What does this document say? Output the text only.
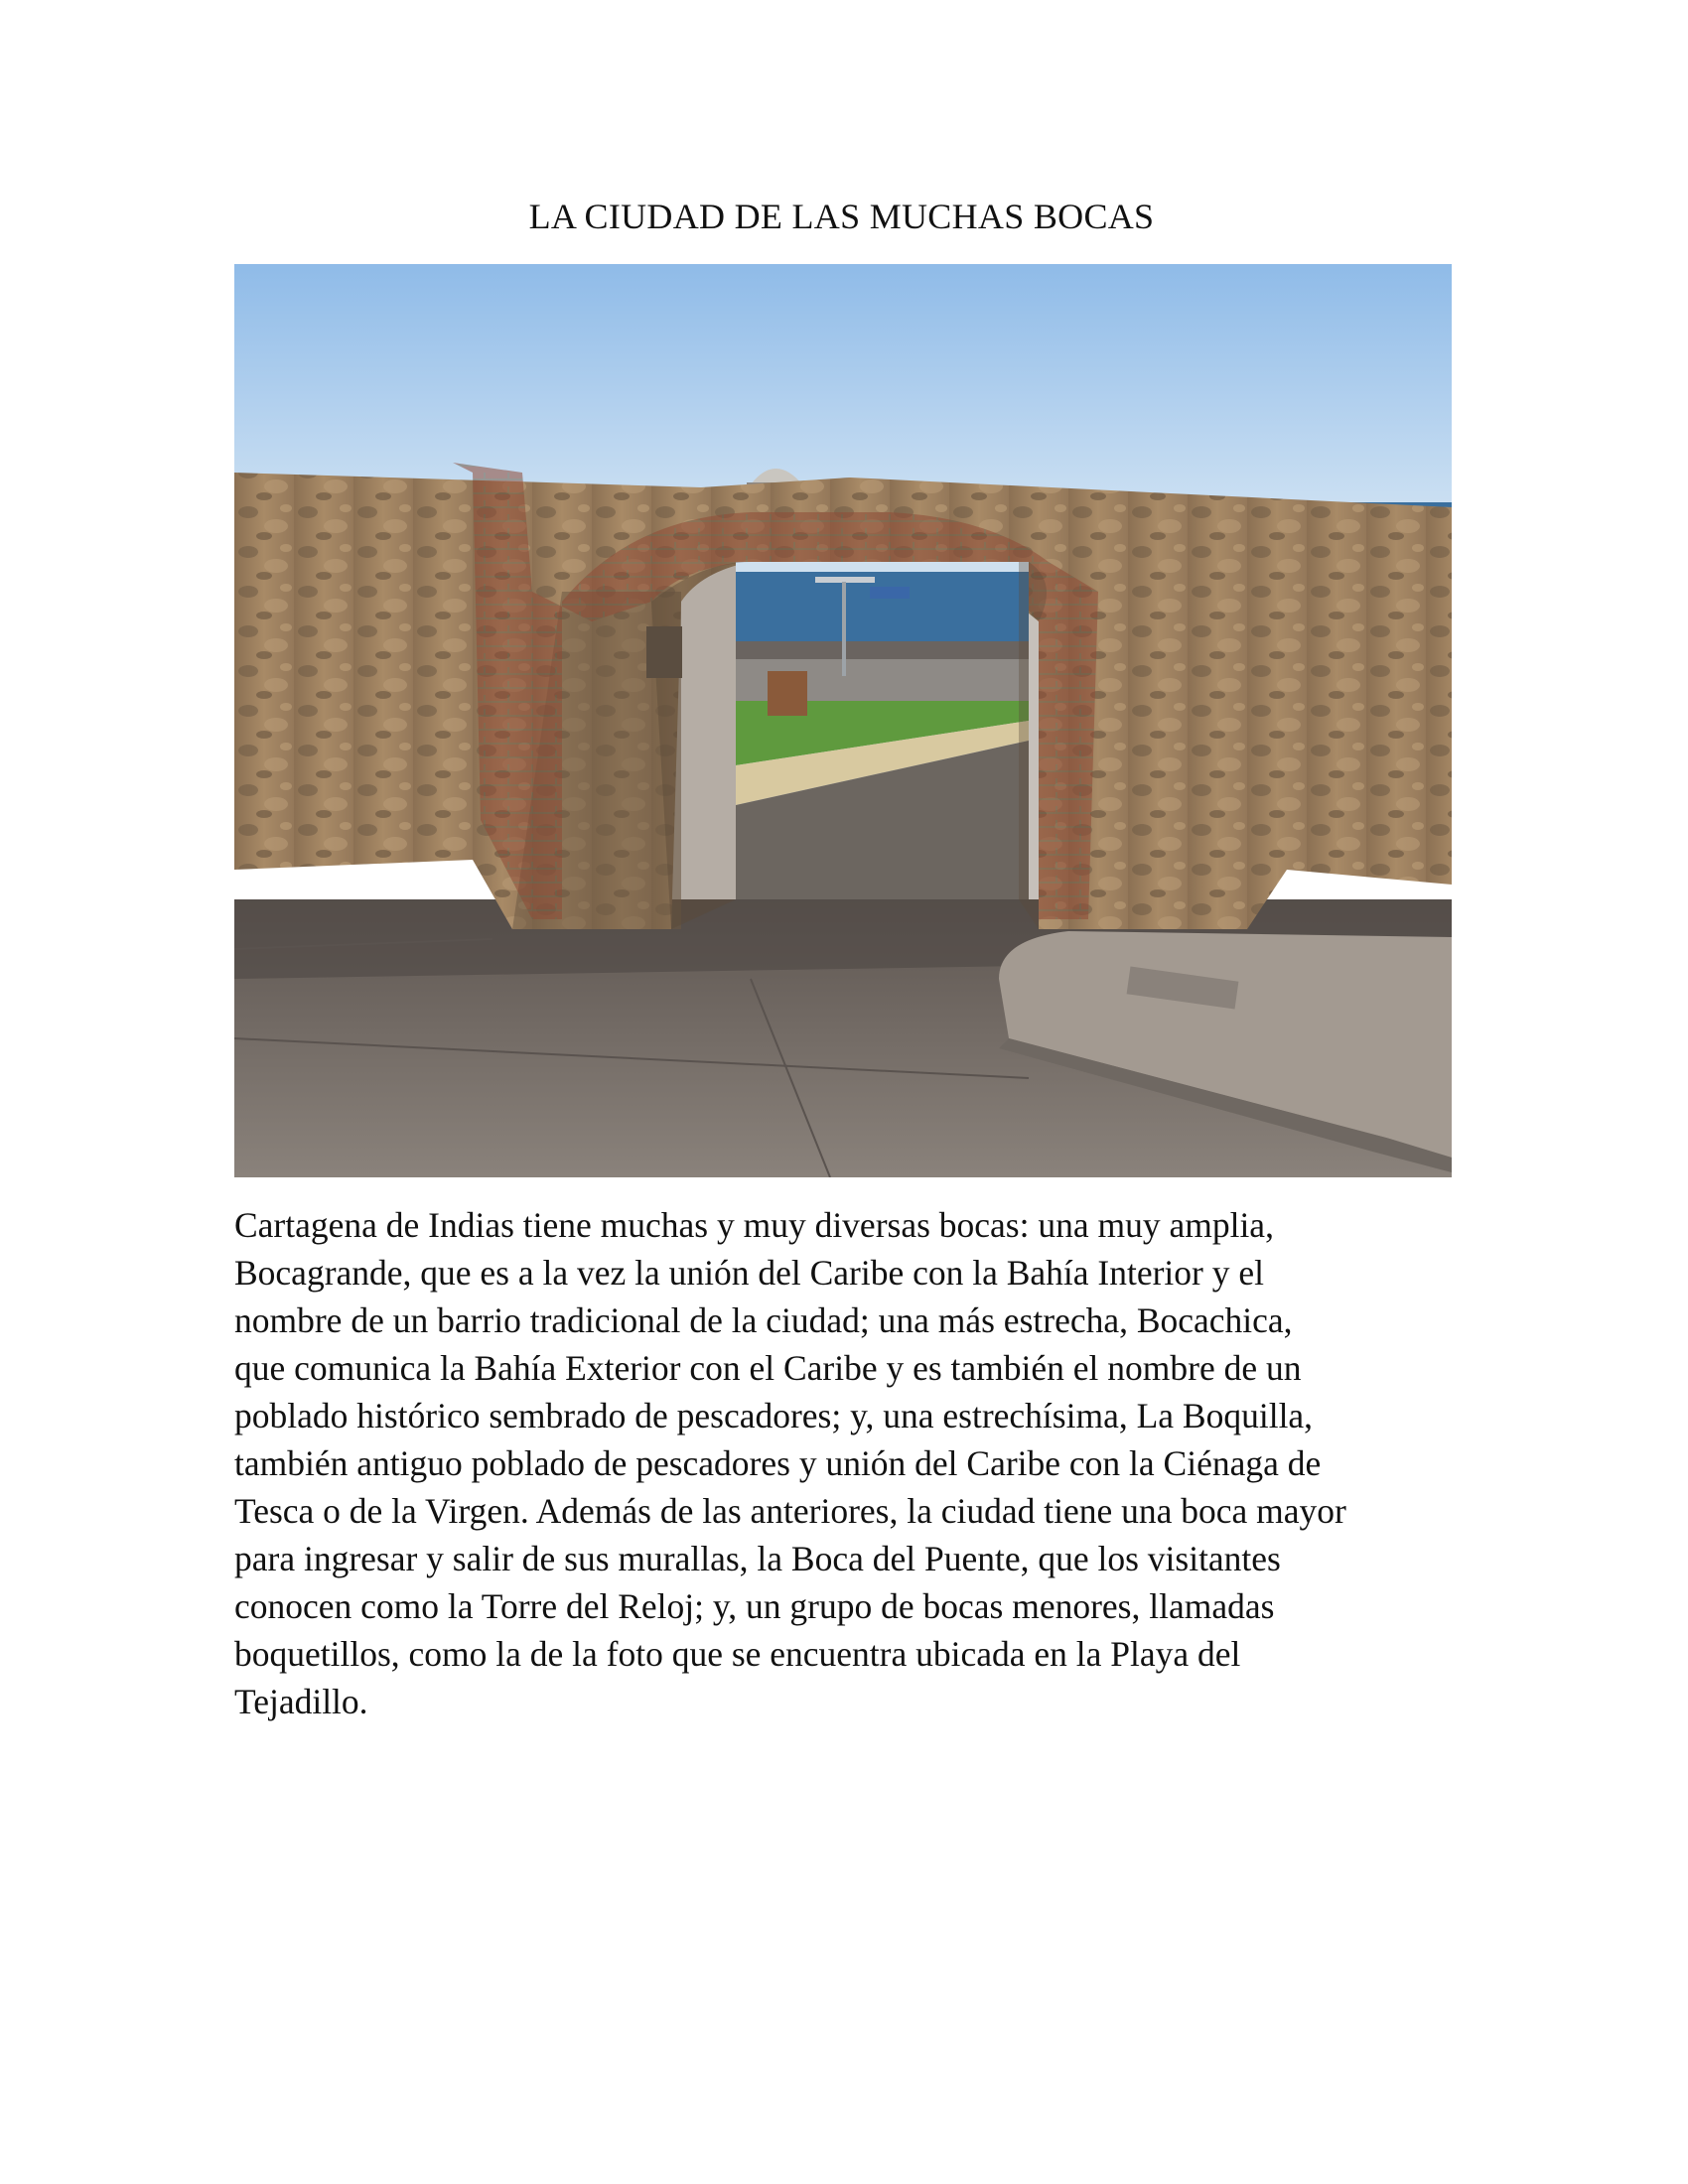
LA CIUDAD DE LAS MUCHAS BOCAS
Cartagena de Indias tiene muchas y muy diversas bocas: una muy amplia,
Bocagrande, que es a la vez la unión del Caribe con la Bahía Interior y el
nombre de un barrio tradicional de la ciudad; una más estrecha, Bocachica,
que comunica la Bahía Exterior con el Caribe y es también el nombre de un
poblado histórico sembrado de pescadores; y, una estrechísima, La Boquilla,
también antiguo poblado de pescadores y unión del Caribe con la Ciénaga de
Tesca o de la Virgen. Además de las anteriores, la ciudad tiene una boca mayor
para ingresar y salir de sus murallas, la Boca del Puente, que los visitantes
conocen como la Torre del Reloj; y, un grupo de bocas menores, llamadas
boquetillos, como la de la foto que se encuentra ubicada en la Playa del
Tejadillo.
